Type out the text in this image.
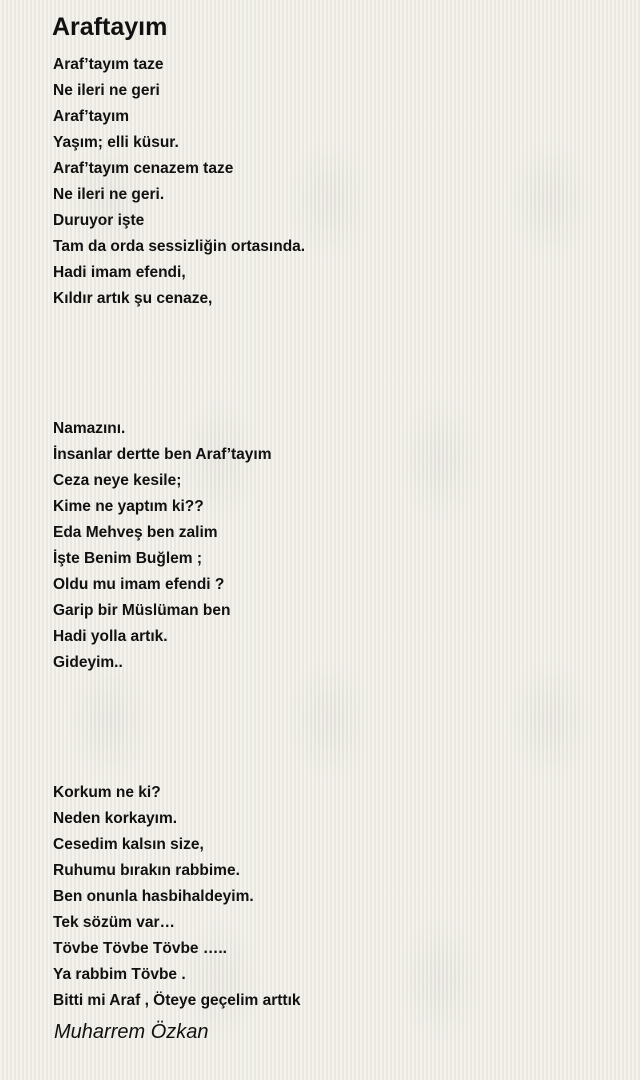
Araftayım
Araf’tayım taze
Ne ileri ne geri
Araf’tayım
Yaşım; elli küsur.
Araf’tayım cenazem taze
Ne ileri ne geri.
Duruyor işte
Tam da orda sessizliğin ortasında.
Hadi imam efendi,
Kıldır artık şu cenaze,
Namazını.
İnsanlar dertte ben Araf’tayım
Ceza neye kesile;
Kime ne yaptım ki??
Eda Mehveş ben zalim
İşte Benim Buğlem ;
Oldu mu imam efendi ?
Garip bir Müslüman ben
Hadi yolla artık.
Gideyim..
Korkum ne ki?
Neden korkayım.
Cesedim kalsın size,
Ruhumu bırakın rabbime.
Ben onunla hasbihaldeyim.
Tek sözüm var…
Tövbe Tövbe Tövbe …..
Ya rabbim Tövbe .
Bitti mi Araf , Öteye geçelim arttık
Muharrem Özkan
